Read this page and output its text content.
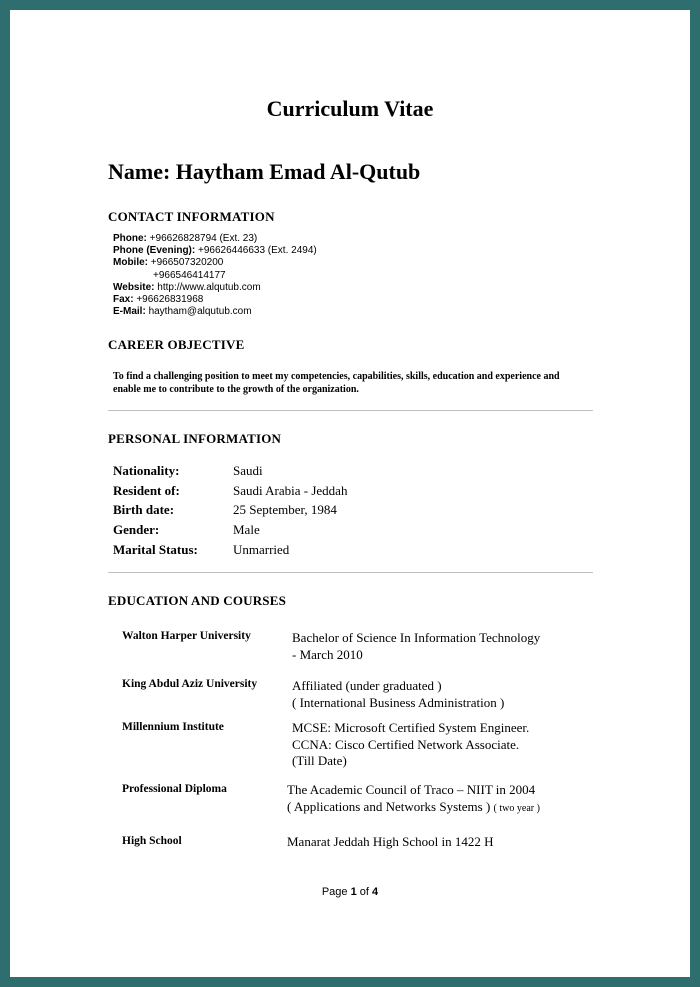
Curriculum Vitae
Name: Haytham Emad Al-Qutub
CONTACT INFORMATION
Phone: +96626828794 (Ext. 23)
Phone (Evening): +96626446633 (Ext. 2494)
Mobile: +966507320200
+966546414177
Website: http://www.alqutub.com
Fax: +96626831968
E-Mail: haytham@alqutub.com
CAREER OBJECTIVE
To find a challenging position to meet my competencies, capabilities, skills, education and experience and enable me to contribute to the growth of the organization.
PERSONAL INFORMATION
Nationality:	Saudi
Resident of:	Saudi Arabia - Jeddah
Birth date:	25 September, 1984
Gender:	Male
Marital Status:	Unmarried
EDUCATION AND COURSES
Walton Harper University	Bachelor of Science In Information Technology
- March 2010
King Abdul Aziz University	Affiliated (under graduated )
( International Business Administration )
Millennium Institute	MCSE: Microsoft Certified System Engineer.
CCNA: Cisco Certified Network Associate.
(Till Date)
Professional Diploma	The Academic Council of Traco – NIIT in 2004
( Applications and Networks Systems ) ( two year )
High School	Manarat Jeddah High School in 1422 H
Page 1 of 4
